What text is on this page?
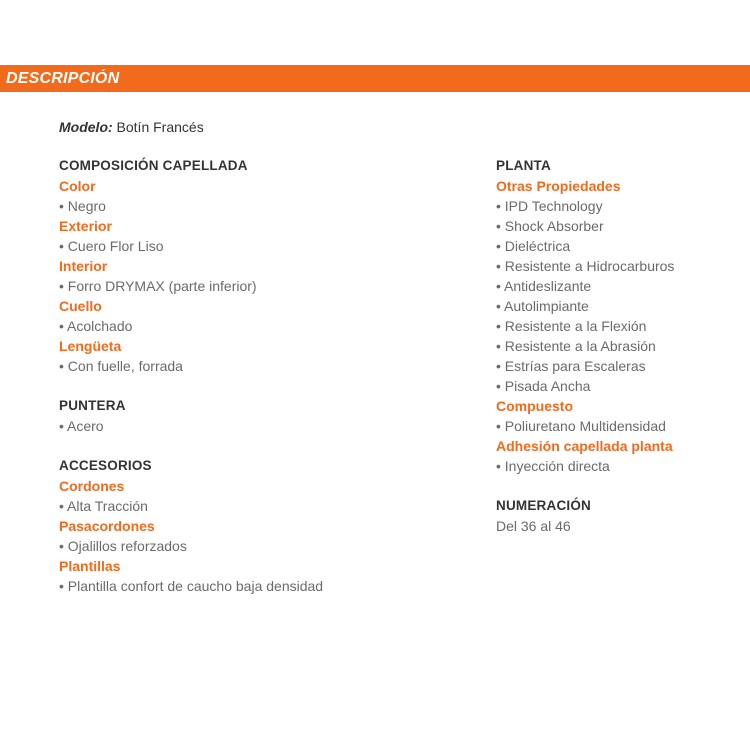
DESCRIPCIÓN
Modelo: Botín Francés
COMPOSICIÓN CAPELLADA
Color
• Negro
Exterior
• Cuero Flor Liso
Interior
• Forro DRYMAX (parte inferior)
Cuello
• Acolchado
Lengüeta
• Con fuelle, forrada
PUNTERA
• Acero
ACCESORIOS
Cordones
• Alta Tracción
Pasacordones
• Ojalillos reforzados
Plantillas
• Plantilla confort de caucho baja densidad
PLANTA
Otras Propiedades
• IPD Technology
• Shock Absorber
• Dieléctrica
• Resistente a Hidrocarburos
• Antideslizante
• Autolimpiante
• Resistente a la Flexión
• Resistente a la Abrasión
• Estrías para Escaleras
• Pisada Ancha
Compuesto
• Poliuretano Multidensidad
Adhesión capellada planta
• Inyección directa
NUMERACIÓN
Del 36 al 46
